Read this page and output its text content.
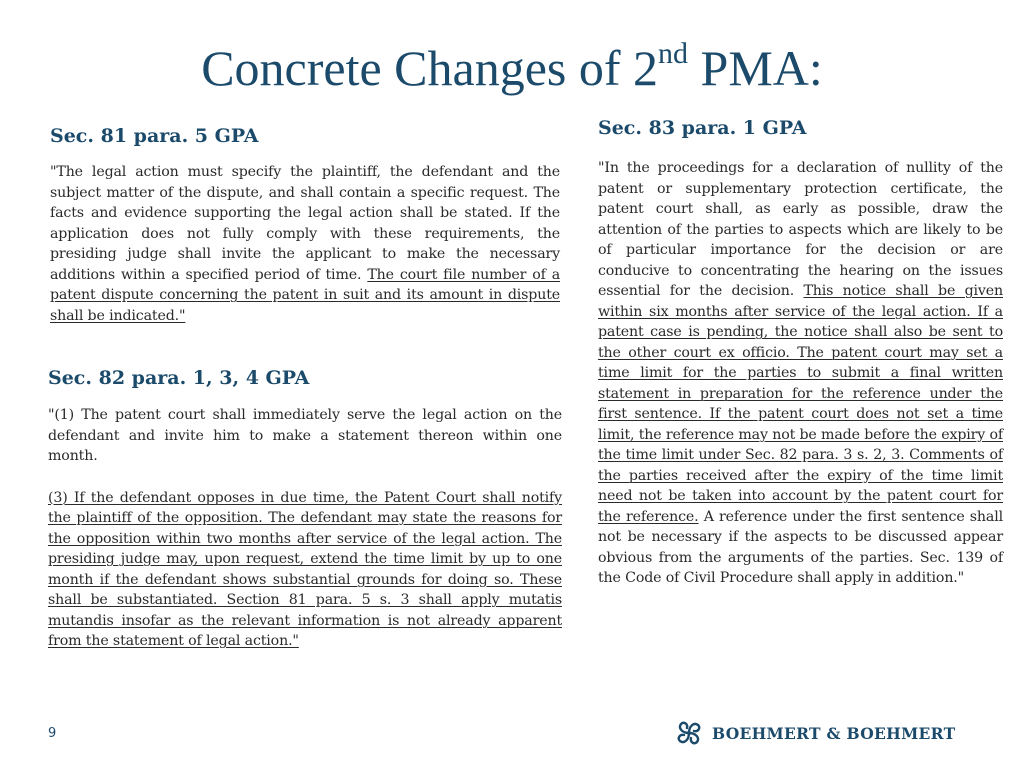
Concrete Changes of 2nd PMA:
Sec. 81 para. 5 GPA

"The legal action must specify the plaintiff, the defendant and the subject matter of the dispute, and shall contain a specific request. The facts and evidence supporting the legal action shall be stated. If the application does not fully comply with these requirements, the presiding judge shall invite the applicant to make the necessary additions within a specified period of time. The court file number of a patent dispute concerning the patent in suit and its amount in dispute shall be indicated."

Sec. 82 para. 1, 3, 4 GPA

"(1) The patent court shall immediately serve the legal action on the defendant and invite him to make a statement thereon within one month.

(3) If the defendant opposes in due time, the Patent Court shall notify the plaintiff of the opposition. The defendant may state the reasons for the opposition within two months after service of the legal action. The presiding judge may, upon request, extend the time limit by up to one month if the defendant shows substantial grounds for doing so. These shall be substantiated. Section 81 para. 5 s. 3 shall apply mutatis mutandis insofar as the relevant information is not already apparent from the statement of legal action."

Sec. 83 para. 1 GPA

"In the proceedings for a declaration of nullity of the patent or supplementary protection certificate, the patent court shall, as early as possible, draw the attention of the parties to aspects which are likely to be of particular importance for the decision or are conducive to concentrating the hearing on the issues essential for the decision. This notice shall be given within six months after service of the legal action. If a patent case is pending, the notice shall also be sent to the other court ex officio. The patent court may set a time limit for the parties to submit a final written statement in preparation for the reference under the first sentence. If the patent court does not set a time limit, the reference may not be made before the expiry of the time limit under Sec. 82 para. 3 s. 2, 3. Comments of the parties received after the expiry of the time limit need not be taken into account by the patent court for the reference. A reference under the first sentence shall not be necessary if the aspects to be discussed appear obvious from the arguments of the parties. Sec. 139 of the Code of Civil Procedure shall apply in addition."

9	BOEHMERT & BOEHMERT
